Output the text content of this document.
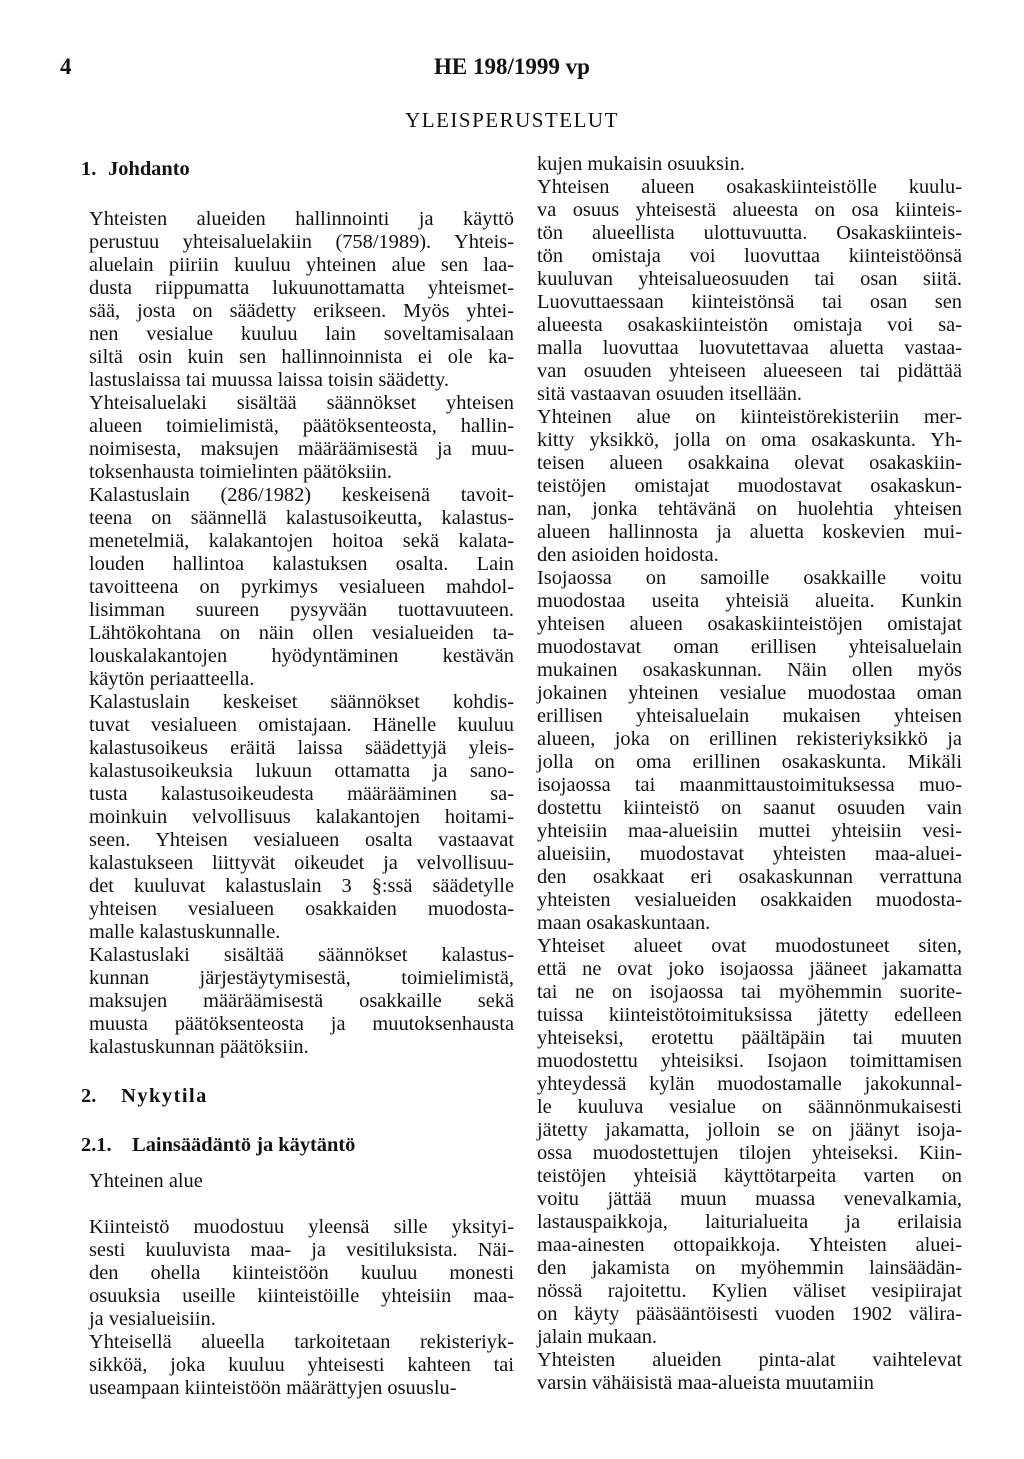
4	HE 198/1999 vp
YLEISPERUSTELUT
1. Johdanto
Yhteisten alueiden hallinnointi ja käyttö
perustuu yhteisaluelakiin (758/1989). Yhteis-
aluelain piiriin kuuluu yhteinen alue sen laa-
dusta riippumatta lukuunottamatta yhteismet-
sää, josta on säädetty erikseen. Myös yhtei-
nen vesialue kuuluu lain soveltamisalaan
siltä osin kuin sen hallinnoinnista ei ole ka-
lastuslaissa tai muussa laissa toisin säädetty.
Yhteisaluelaki sisältää säännökset yhteisen
alueen toimielimistä, päätöksenteosta, hallin-
noimisesta, maksujen määräämisestä ja muu-
toksenhausta toimielinten päätöksiin.
Kalastuslain (286/1982) keskeisenä tavoit-
teena on säännellä kalastusoikeutta, kalastus-
menetelmiä, kalakantojen hoitoa sekä kalata-
louden hallintoa kalastuksen osalta. Lain
tavoitteena on pyrkimys vesialueen mahdol-
lisimman suureen pysyvään tuottavuuteen.
Lähtökohtana on näin ollen vesialueiden ta-
louskalakantojen hyödyntäminen kestävän
käytön periaatteella.
Kalastuslain keskeiset säännökset kohdis-
tuvat vesialueen omistajaan. Hänelle kuuluu
kalastusoikeus eräitä laissa säädettyjä yleis-
kalastusoikeuksia lukuun ottamatta ja sano-
tusta kalastusoikeudesta määrääminen sa-
moinkuin velvollisuus kalakantojen hoitami-
seen. Yhteisen vesialueen osalta vastaavat
kalastukseen liittyvät oikeudet ja velvollisuu-
det kuuluvat kalastuslain 3 §:ssä säädetylle
yhteisen vesialueen osakkaiden muodosta-
malle kalastuskunnalle.
Kalastuslaki sisältää säännökset kalastus-
kunnan järjestäytymisestä, toimielimistä,
maksujen määräämisestä osakkaille sekä
muusta päätöksenteosta ja muutoksenhausta
kalastuskunnan päätöksiin.
2. Nykytila
2.1. Lainsäädäntö ja käytäntö
Yhteinen alue
Kiinteistö muodostuu yleensä sille yksityi-
sesti kuuluvista maa- ja vesitiluksista. Näi-
den ohella kiinteistöön kuuluu monesti
osuuksia useille kiinteistöille yhteisiin maa-
ja vesialueisiin.
Yhteisellä alueella tarkoitetaan rekisteriyk-
sikköä, joka kuuluu yhteisesti kahteen tai
useampaan kiinteistöön määrättyjen osuuslu-
kujen mukaisin osuuksin.
Yhteisen alueen osakaskiinteistölle kuulu-
va osuus yhteisestä alueesta on osa kiinteis-
tön alueellista ulottuvuutta. Osakaskiinteis-
tön omistaja voi luovuttaa kiinteistöönsä
kuuluvan yhteisalueosuuden tai osan siitä.
Luovuttaessaan kiinteistönsä tai osan sen
alueesta osakaskiinteistön omistaja voi sa-
malla luovuttaa luovutettavaa aluetta vastaa-
van osuuden yhteiseen alueeseen tai pidättää
sitä vastaavan osuuden itsellään.
Yhteinen alue on kiinteistörekisteriin mer-
kitty yksikkö, jolla on oma osakaskunta. Yh-
teisen alueen osakkaina olevat osakaskiin-
teistöjen omistajat muodostavat osakaskun-
nan, jonka tehtävänä on huolehtia yhteisen
alueen hallinnosta ja aluetta koskevien mui-
den asioiden hoidosta.
Isojaossa on samoille osakkaille voitu
muodostaa useita yhteisiä alueita. Kunkin
yhteisen alueen osakaskiinteistöjen omistajat
muodostavat oman erillisen yhteisaluelain
mukainen osakaskunnan. Näin ollen myös
jokainen yhteinen vesialue muodostaa oman
erillisen yhteisaluelain mukaisen yhteisen
alueen, joka on erillinen rekisteriyksikkö ja
jolla on oma erillinen osakaskunta. Mikäli
isojaossa tai maanmittaustoimituksessa muo-
dostettu kiinteistö on saanut osuuden vain
yhteisiin maa-alueisiin muttei yhteisiin vesi-
alueisiin, muodostavat yhteisten maa-aluei-
den osakkaat eri osakaskunnan verrattuna
yhteisten vesialueiden osakkaiden muodosta-
maan osakaskuntaan.
Yhteiset alueet ovat muodostuneet siten,
että ne ovat joko isojaossa jääneet jakamatta
tai ne on isojaossa tai myöhemmin suorite-
tuissa kiinteistötoimituksissa jätetty edelleen
yhteiseksi, erotettu päältäpäin tai muuten
muodostettu yhteisiksi. Isojaon toimittamisen
yhteydessä kylän muodostamalle jakokunnal-
le kuuluva vesialue on säännönmukaisesti
jätetty jakamatta, jolloin se on jäänyt isoja-
ossa muodostettujen tilojen yhteiseksi. Kiin-
teistöjen yhteisiä käyttötarpeita varten on
voitu jättää muun muassa venevalkamia,
lastauspaikkoja, laiturialueita ja erilaisia
maa-ainesten ottopaikkoja. Yhteisten aluei-
den jakamista on myöhemmin lainsäädän-
nössä rajoitettu. Kylien väliset vesipiirajat
on käyty pääsääntöisesti vuoden 1902 välira-
jalain mukaan.
Yhteisten alueiden pinta-alat vaihtelevat
varsin vähäisistä maa-alueista muutamiin
